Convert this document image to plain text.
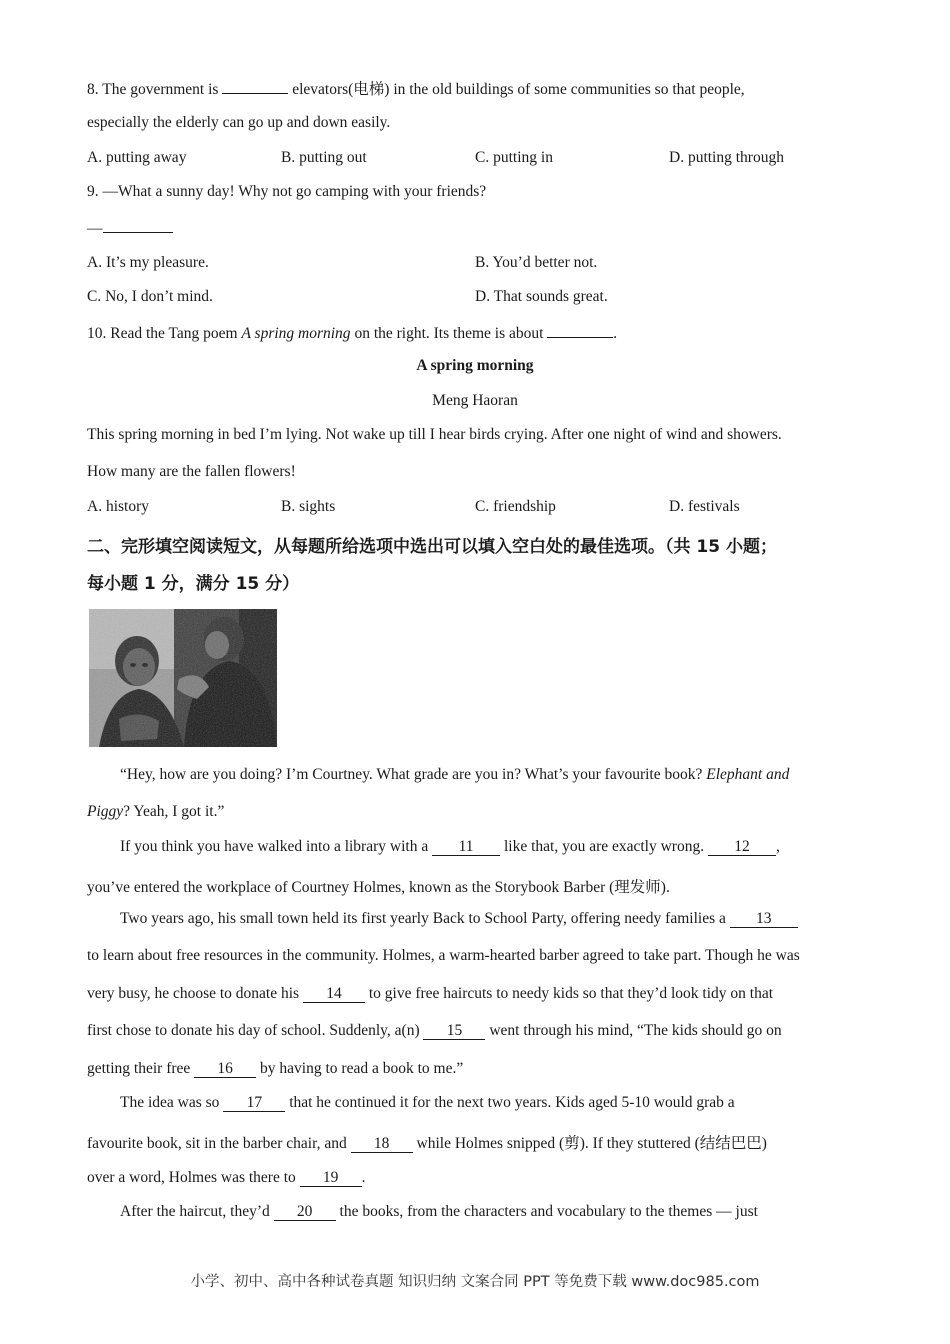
8. The government is	elevators(电梯) in the old buildings of some communities so that people,
especially the elderly can go up and down easily.
A. putting away	B. putting out	C. putting in	D. putting through
9. —What a sunny day! Why not go camping with your friends?
—
A. It’s my pleasure.	B. You’d better not.
C. No, I don’t mind.	D. That sounds great.
10. Read the Tang poem A spring morning on the right. Its theme is about	.
A spring morning
Meng Haoran
This spring morning in bed I’m lying. Not wake up till I hear birds crying. After one night of wind and showers.
How many are the fallen flowers!
A. history	B. sights	C. friendship	D. festivals
二、完形填空阅读短文，从每题所给选项中选出可以填入空白处的最佳选项。（共 15 小题；
每小题 1 分，满分 15 分）
“Hey, how are you doing? I’m Courtney. What grade are you in? What’s your favourite book? Elephant and
Piggy? Yeah, I got it.”
If you think you have walked into a library with a 11 like that, you are exactly wrong. 12 ,
you’ve entered the workplace of Courtney Holmes, known as the Storybook Barber (理发师).
Two years ago, his small town held its first yearly Back to School Party, offering needy families a 13
to learn about free resources in the community. Holmes, a warm-hearted barber agreed to take part. Though he was
very busy, he choose to donate his 14 to give free haircuts to needy kids so that they’d look tidy on that
first chose to donate his day of school. Suddenly, a(n) 15 went through his mind, “The kids should go on
getting their free 16 by having to read a book to me.”
The idea was so 17 that he continued it for the next two years. Kids aged 5-10 would grab a
favourite book, sit in the barber chair, and 18 while Holmes snipped (剪). If they stuttered (结结巴巴)
over a word, Holmes was there to 19 .
After the haircut, they’d 20 the books, from the characters and vocabulary to the themes — just
小学、初中、高中各种试卷真题 知识归纳 文案合同 PPT 等免费下载 www.doc985.com
